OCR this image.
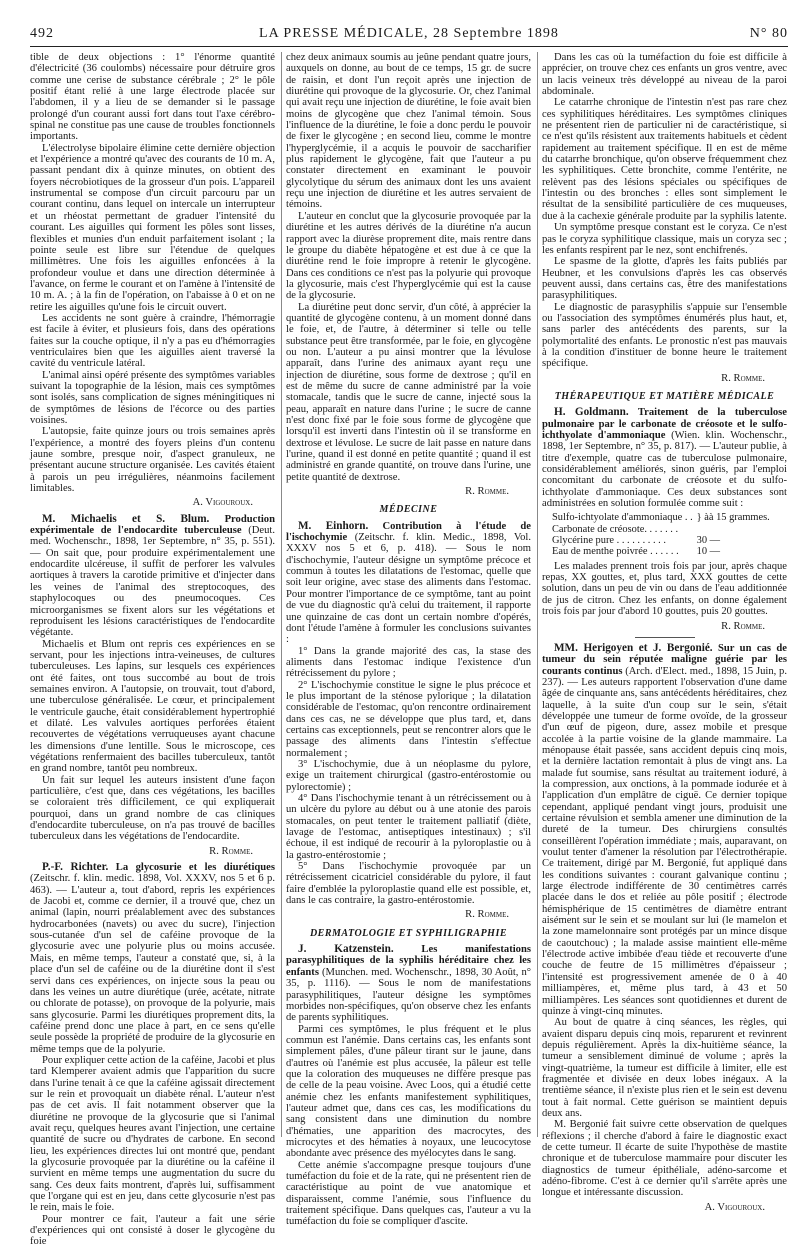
492	LA PRESSE MÉDICALE, 28 Septembre 1898	N° 80

tible de deux objections : 1° l'énorme quantité d'électricité (36 coulombs) nécessaire pour détruire gros comme une cerise de substance cérébrale ; 2° le pôle positif étant relié à une large électrode placée sur l'abdomen, il y a lieu de se demander si le passage prolongé d'un courant aussi fort dans tout l'axe cérébro-spinal ne constitue pas une cause de troubles fonctionnels importants.

L'électrolyse bipolaire élimine cette dernière objection et l'expérience a montré qu'avec des courants de 10 m. A, passant pendant dix à quinze minutes, on obtient des foyers nécrobiotiques de la grosseur d'un pois. L'appareil instrumental se compose d'un circuit parcouru par un courant continu, dans lequel on intercale un interrupteur et un rhéostat permettant de graduer l'intensité du courant. Les aiguilles qui forment les pôles sont lisses, flexibles et munies d'un enduit parfaitement isolant ; la pointe seule est libre sur l'étendue de quelques millimètres. Une fois les aiguilles enfoncées à la profondeur voulue et dans une direction déterminée à l'avance, on ferme le courant et on l'amène à l'intensité de 10 m. A. ; à la fin de l'opération, on l'abaisse à 0 et on ne retire les aiguilles qu'une fois le circuit ouvert.

Les accidents ne sont guère à craindre, l'hémorragie est facile à éviter, et plusieurs fois, dans des opérations faites sur la couche optique, il n'y a pas eu d'hémorragies ventriculaires bien que les aiguilles aient traversé la cavité du ventricule latéral.

L'animal ainsi opéré présente des symptômes variables suivant la topographie de la lésion, mais ces symptômes sont isolés, sans complication de signes méningitiques ni de symptômes de lésions de l'écorce ou des parties voisines.

L'autopsie, faite quinze jours ou trois semaines après l'expérience, a montré des foyers pleins d'un contenu jaune sombre, presque noir, d'aspect granuleux, ne présentant aucune structure organisée. Les cavités étaient à parois un peu irrégulières, néanmoins facilement limitables.

A. Vigouroux.

M. Michaelis et S. Blum. Production expérimentale de l'endocardite tuberculeuse (Deut. med. Wochenschr., 1898, 1er Septembre, n° 35, p. 551). — On sait que, pour produire expérimentalement une endocardite ulcéreuse, il suffit de perforer les valvules aortiques à travers la carotide primitive et d'injecter dans les veines de l'animal des streptocoques, des staphylocoques ou des pneumocoques. Ces microorganismes se fixent alors sur les végétations et reproduisent les lésions caractéristiques de l'endocardite végétante.

Michaelis et Blum ont repris ces expériences en se servant, pour les injections intra-veineuses, de cultures tuberculeuses. Les lapins, sur lesquels ces expériences ont été faites, ont tous succombé au bout de trois semaines environ. A l'autopsie, on trouvait, tout d'abord, une tuberculose généralisée. Le cœur, et principalement le ventricule gauche, était considérablement hypertrophié et dilaté. Les valvules aortiques perforées étaient recouvertes de végétations verruqueuses ayant chacune les dimensions d'une lentille. Sous le microscope, ces végétations renfermaient des bacilles tuberculeux, tantôt en grand nombre, tantôt peu nombreux.

Un fait sur lequel les auteurs insistent d'une façon particulière, c'est que, dans ces végétations, les bacilles se coloraient très difficilement, ce qui expliquerait pourquoi, dans un grand nombre de cas cliniques d'endocardite tuberculeuse, on n'a pas trouvé de bacilles tuberculeux dans les végétations de l'endocardite.

R. Romme.

P.-F. Richter. La glycosurie et les diurétiques (Zeitschr. f. klin. medic. 1898, Vol. XXXV, nos 5 et 6 p. 463). — L'auteur a, tout d'abord, repris les expériences de Jacobi et, comme ce dernier, il a trouvé que, chez un animal (lapin, nourri préalablement avec des substances hydrocarbonées (navets) ou avec du sucre), l'injection sous-cutanée d'un sel de caféine provoque de la glycosurie avec une polyurie plus ou moins accusée. Mais, en même temps, l'auteur a constaté que, si, à la place d'un sel de caféine ou de la diurétine dont il s'est servi dans ces expériences, on injecte sous la peau ou dans les veines un autre diurétique (urée, acétate, nitrate ou chlorate de potasse), on provoque de la polyurie, mais sans glycosurie. Parmi les diurétiques proprement dits, la caféine prend donc une place à part, en ce sens qu'elle seule possède la propriété de produire de la glycosurie en même temps que de la polyurie.

Pour expliquer cette action de la caféine, Jacobi et plus tard Klemperer avaient admis que l'apparition du sucre dans l'urine tenait à ce que la caféine agissait directement sur le rein et provoquait un diabète rénal. L'auteur n'est pas de cet avis. Il fait notamment observer que la diurétine ne provoque de la glycosurie que si l'animal avait reçu, quelques heures avant l'injection, une certaine quantité de sucre ou d'hydrates de carbone. En second lieu, les expériences directes lui ont montré que, pendant la glycosurie provoquée par la diurétine ou la caféine il survient en même temps une augmentation du sucre du sang. Ces deux faits montrent, d'après lui, suffisamment que l'organe qui est en jeu, dans cette glycosurie n'est pas le rein, mais le foie.

Pour montrer ce fait, l'auteur a fait une série d'expériences qui ont consisté à doser le glycogène du foie

chez deux animaux soumis au jeûne pendant quatre jours, auxquels on donne, au bout de ce temps, 15 gr. de sucre de raisin, et dont l'un reçoit après une injection de diurétine qui provoque de la glycosurie. Or, chez l'animal qui avait reçu une injection de diurétine, le foie avait bien moins de glycogène que chez l'animal témoin. Sous l'influence de la diurétine, le foie a donc perdu le pouvoir de fixer le glycogène ; en second lieu, comme le montre l'hyperglycémie, il a acquis le pouvoir de saccharifier plus rapidement le glycogène, fait que l'auteur a pu constater directement en examinant le pouvoir glycolytique du sérum des animaux dont les uns avaient reçu une injection de diurétine et les autres servaient de témoins.

L'auteur en conclut que la glycosurie provoquée par la diurétine et les autres dérivés de la diurétine n'a aucun rapport avec la diurèse proprement dite, mais rentre dans le groupe du diabète hépatogène et est due à ce que la diurétine rend le foie impropre à retenir le glycogène. Dans ces conditions ce n'est pas la polyurie qui provoque la glycosurie, mais c'est l'hyperglycémie qui est la cause de la glycosurie.

La diurétine peut donc servir, d'un côté, à apprécier la quantité de glycogène contenu, à un moment donné dans le foie, et, de l'autre, à déterminer si telle ou telle substance peut être transformée, par le foie, en glycogène ou non. L'auteur a pu ainsi montrer que la lévulose apparaît, dans l'urine des animaux ayant reçu une injection de diurétine, sous forme de dextrose ; qu'il en est de même du sucre de canne administré par la voie stomacale, tandis que le sucre de canne, injecté sous la peau, apparaît en nature dans l'urine ; le sucre de canne n'est donc fixé par le foie sous forme de glycogène que lorsqu'il est inverti dans l'intestin où il se transforme en dextrose et lévulose. Le sucre de lait passe en nature dans l'urine, quand il est donné en petite quantité ; quand il est administré en grande quantité, on trouve dans l'urine, une petite quantité de dextrose.

R. Romme.
MÉDECINE

M. Einhorn. Contribution à l'étude de l'ischochymie (Zeitschr. f. klin. Medic., 1898, Vol. XXXV nos 5 et 6, p. 418). — Sous le nom d'ischochymie, l'auteur désigne un symptôme précoce et commun à toutes les dilatations de l'estomac, quelle que soit leur origine, avec stase des aliments dans l'estomac. Pour montrer l'importance de ce symptôme, tant au point de vue du diagnostic qu'à celui du traitement, il rapporte une quinzaine de cas dont un certain nombre d'opérés, dont l'étude l'amène à formuler les conclusions suivantes :

1° Dans la grande majorité des cas, la stase des aliments dans l'estomac indique l'existence d'un rétrécissement du pylore ;

2° L'ischochymie constitue le signe le plus précoce et le plus important de la sténose pylorique ; la dilatation considérable de l'estomac, qu'on rencontre ordinairement dans ces cas, ne se développe que plus tard, et, dans certains cas exceptionnels, peut se rencontrer alors que le passage des aliments dans l'intestin s'effectue normalement ;

3° L'ischochymie, due à un néoplasme du pylore, exige un traitement chirurgical (gastro-entérostomie ou pylorectomie) ;

4° Dans l'ischochymie tenant à un rétrécissement ou à un ulcère du pylore au début ou à une atonie des parois stomacales, on peut tenter le traitement palliatif (diète, lavage de l'estomac, antiseptiques intestinaux) ; s'il échoue, il est indiqué de recourir à la pyloroplastie ou à la gastro-entérostomie ;

5° Dans l'ischochymie provoquée par un rétrécissement cicatriciel considérable du pylore, il faut faire d'emblée la pyloroplastie quand elle est possible, et, dans le cas contraire, la gastro-entérostomie.

R. Romme.
DERMATOLOGIE ET SYPHILIGRAPHIE

J. Katzenstein.	Les manifestations parasyphilitiques de la syphilis héréditaire chez les enfants (Munchen. med. Wochenschr., 1898, 30 Août, n° 35, p. 1116). — Sous le nom de manifestations parasyphilitiques, l'auteur désigne les symptômes morbides non-spécifiques, qu'on observe chez les enfants de parents syphilitiques.

Parmi ces symptômes, le plus fréquent et le plus commun est l'anémie. Dans certains cas, les enfants sont simplement pâles, d'une pâleur tirant sur le jaune, dans d'autres où l'anémie est plus accusée, la pâleur est telle que la coloration des muqueuses ne diffère presque pas de celle de la peau voisine. Avec Loos, qui a étudié cette anémie chez les enfants manifestement syphilitiques, l'auteur admet que, dans ces cas, les modifications du sang consistent dans une diminution du nombre d'hématies, une apparition des macrocytes, des microcytes et des hématies à noyaux, une leucocytose abondante avec présence des myélocytes dans le sang.

Cette anémie s'accompagne presque toujours d'une tuméfaction du foie et de la rate, qui ne présentent rien de caractéristique au point de vue anatomique et disparaissent, comme l'anémie, sous l'influence du traitement spécifique. Dans quelques cas, l'auteur a vu la tuméfaction du foie se compliquer d'ascite.

Dans les cas où la tuméfaction du foie est difficile à apprécier, on trouve chez ces enfants un gros ventre, avec un lacis veineux très développé au niveau de la paroi abdominale.

Le catarrhe chronique de l'intestin n'est pas rare chez ces syphilitiques héréditaires. Les symptômes cliniques ne présentent rien de particulier ni de caractéristique, si ce n'est qu'ils résistent aux traitements habituels et cèdent rapidement au traitement spécifique. Il en est de même du catarrhe bronchique, qu'on observe fréquemment chez les syphilitiques. Cette bronchite, comme l'entérite, ne relèvent pas des lésions spéciales ou spécifiques de l'intestin ou des bronches : elles sont simplement le résultat de la sensibilité particulière de ces muqueuses, due à la cachexie générale produite par la syphilis latente.

Un symptôme presque constant est le coryza. Ce n'est pas le coryza syphilitique classique, mais un coryza sec ; les enfants respirent par le nez, sont enchifrenés.

Le spasme de la glotte, d'après les faits publiés par Heubner, et les convulsions d'après les cas observés peuvent aussi, dans certains cas, être des manifestations parasyphilitiques.

Le diagnostic de parasyphilis s'appuie sur l'ensemble ou l'association des symptômes énumérés plus haut, et, sans parler des antécédents des parents, sur la polymortalité des enfants. Le pronostic n'est pas mauvais à la condition d'instituer de bonne heure le traitement spécifique.

R. Romme.
THÉRAPEUTIQUE ET MATIÈRE MÉDICALE

H. Goldmann. Traitement de la tuberculose pulmonaire par le carbonate de créosote et le sulfo-ichthyolate d'ammoniaque (Wien. klin. Wochenschr., 1898, 1er Septembre, n° 35, p. 817). — L'auteur publie, à titre d'exemple, quatre cas de tuberculose pulmonaire, considérablement améliorés, sinon guéris, par l'emploi concomitant du carbonate de créosote et du sulfo-ichthyolate d'ammoniaque. Ces deux substances sont administrées en solution formulée comme suit :

Sulfo-ichtyolate d'ammoniaque . .	} àà 15 grammes.
Carbonate de créosote. . . . . . .	
Glycérine pure . . . . . . . . . .	30 —
Eau de menthe poivrée . . . . . .	10 —

Les malades prennent trois fois par jour, après chaque repas, XX gouttes, et, plus tard, XXX gouttes de cette solution, dans un peu de vin ou dans de l'eau additionnée de jus de citron. Chez les enfants, on donne également trois fois par jour d'abord 10 gouttes, puis 20 gouttes.

R. Romme.

MM. Herigoyen et J. Bergonié. Sur un cas de tumeur du sein réputée maligne guérie par les courants continus (Arch. d'Elect. med., 1898, 15 Juin, p. 237). — Les auteurs rapportent l'observation d'une dame âgée de cinquante ans, sans antécédents héréditaires, chez laquelle, à la suite d'un coup sur le sein, s'était développée une tumeur de forme ovoïde, de la grosseur d'un œuf de pigeon, dure, assez mobile et presque accolée à la partie voisine de la glande mammaire. La ménopause était passée, sans accident depuis cinq mois, et la dernière lactation remontait à plus de vingt ans. La malade fut soumise, sans résultat au traitement ioduré, à la compression, aux onctions, à la pommade iodurée et à l'application d'un emplâtre de ciguë. Ce dernier topique cependant, appliqué pendant vingt jours, produisit une certaine révulsion et sembla amener une diminution de la dureté de la tumeur. Des chirurgiens consultés conseillèrent l'opération immédiate ; mais, auparavant, on voulut tenter d'amener la résolution par l'électrothérapie. Ce traitement, dirigé par M. Bergonié, fut appliqué dans les conditions suivantes : courant galvanique continu ; large électrode indifférente de 30 centimètres carrés placée dans le dos et reliée au pôle positif ; électrode hémisphérique de 15 centimètres de diamètre entrant aisément sur le sein et se moulant sur lui (le mamelon et la zone mamelonnaire sont protégés par un mince disque de caoutchouc) ; la malade assise maintient elle-même l'électrode active imbibée d'eau tiède et recouverte d'une couche de feutre de 15 millimètres d'épaisseur ; l'intensité est progressivement amenée de 0 à 40 milliampères, et, même plus tard, à 43 et 50 milliampères. Les séances sont quotidiennes et durent de quinze à vingt-cinq minutes.

Au bout de quatre à cinq séances, les règles, qui avaient disparu depuis cinq mois, reparurent et revinrent depuis régulièrement. Après la dix-huitième séance, la tumeur a sensiblement diminué de volume ; après la vingt-quatrième, la tumeur est difficile à limiter, elle est fragmentée et divisée en deux lobes inégaux. A la trentième séance, il n'existe plus rien et le sein est devenu tout à fait normal. Cette guérison se maintient depuis deux ans.

M. Bergonié fait suivre cette observation de quelques réflexions ; il cherche d'abord à faire le diagnostic exact de cette tumeur. Il écarte de suite l'hypothèse de mastite chronique et de tuberculose mammaire pour discuter les diagnostics de tumeur épithéliale, adéno-sarcome et adéno-fibrome. C'est à ce dernier qu'il s'arrête après une longue et intéressante discussion.

A. Vigouroux.
